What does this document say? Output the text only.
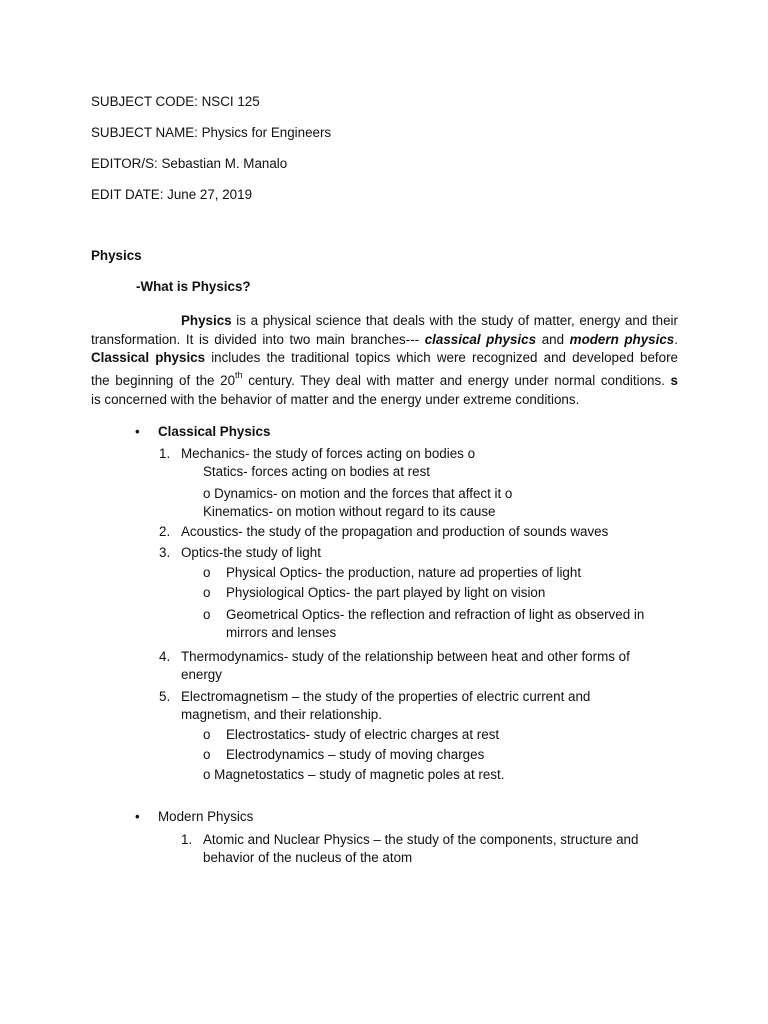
SUBJECT CODE: NSCI 125
SUBJECT NAME: Physics for Engineers
EDITOR/S: Sebastian M. Manalo
EDIT DATE: June 27, 2019
Physics
-What is Physics?
Physics is a physical science that deals with the study of matter, energy and their
transformation. It is divided into two main branches--- classical physics and modern physics.
Classical physics includes the traditional topics which were recognized and developed before
the beginning of the 20th century. They deal with matter and energy under normal conditions. s
is concerned with the behavior of matter and the energy under extreme conditions.
• Classical Physics
1. Mechanics- the study of forces acting on bodies o
Statics- forces acting on bodies at rest
o Dynamics- on motion and the forces that affect it o
Kinematics- on motion without regard to its cause
2. Acoustics- the study of the propagation and production of sounds waves
3. Optics-the study of light
o Physical Optics- the production, nature ad properties of light
o Physiological Optics- the part played by light on vision
o Geometrical Optics- the reflection and refraction of light as observed in
mirrors and lenses
4. Thermodynamics- study of the relationship between heat and other forms of
energy
5. Electromagnetism – the study of the properties of electric current and
magnetism, and their relationship.
o Electrostatics- study of electric charges at rest
o Electrodynamics – study of moving charges
o Magnetostatics – study of magnetic poles at rest.
• Modern Physics
1. Atomic and Nuclear Physics – the study of the components, structure and
behavior of the nucleus of the atom
